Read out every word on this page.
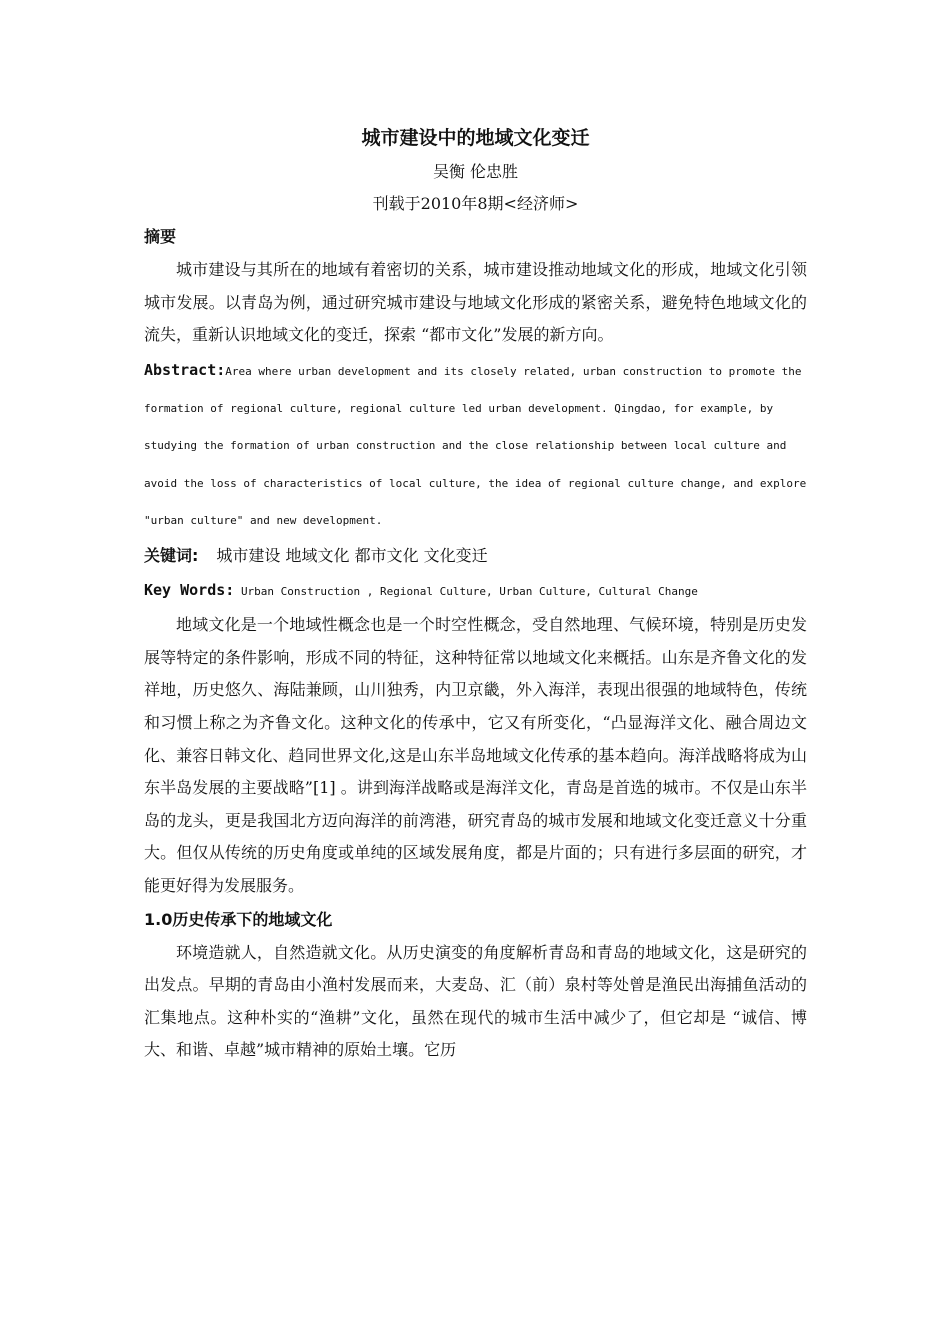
城市建设中的地域文化变迁

吴衡 伦忠胜

刊载于2010年8期<经济师>

摘要

城市建设与其所在的地域有着密切的关系，城市建设推动地域文化的形成，地域文化引领城市发展。以青岛为例，通过研究城市建设与地域文化形成的紧密关系，避免特色地域文化的流失，重新认识地域文化的变迁，探索 “都市文化”发展的新方向。

Abstract:Area where urban development and its closely related, urban construction to promote the formation of regional culture, regional culture led urban development. Qingdao, for example, by studying the formation of urban construction and the close relationship between local culture and avoid the loss of characteristics of local culture, the idea of regional culture change, and explore "urban culture" and new development.

关键词: 城市建设 地域文化 都市文化 文化变迁

Key Words: Urban Construction , Regional Culture, Urban Culture, Cultural Change

地域文化是一个地域性概念也是一个时空性概念，受自然地理、气候环境，特别是历史发展等特定的条件影响，形成不同的特征，这种特征常以地域文化来概括。山东是齐鲁文化的发祥地，历史悠久、海陆兼顾，山川独秀，内卫京畿，外入海洋，表现出很强的地域特色，传统和习惯上称之为齐鲁文化。这种文化的传承中，它又有所变化，“凸显海洋文化、融合周边文化、兼容日韩文化、趋同世界文化,这是山东半岛地域文化传承的基本趋向。海洋战略将成为山东半岛发展的主要战略”[1] 。讲到海洋战略或是海洋文化，青岛是首选的城市。不仅是山东半岛的龙头，更是我国北方迈向海洋的前湾港，研究青岛的城市发展和地域文化变迁意义十分重大。但仅从传统的历史角度或单纯的区域发展角度，都是片面的；只有进行多层面的研究，才能更好得为发展服务。

1.0历史传承下的地域文化

环境造就人，自然造就文化。从历史演变的角度解析青岛和青岛的地域文化，这是研究的出发点。早期的青岛由小渔村发展而来，大麦岛、汇（前）泉村等处曾是渔民出海捕鱼活动的汇集地点。这种朴实的“渔耕”文化，虽然在现代的城市生活中减少了，但它却是 “诚信、博大、和谐、卓越”城市精神的原始土壤。它历
